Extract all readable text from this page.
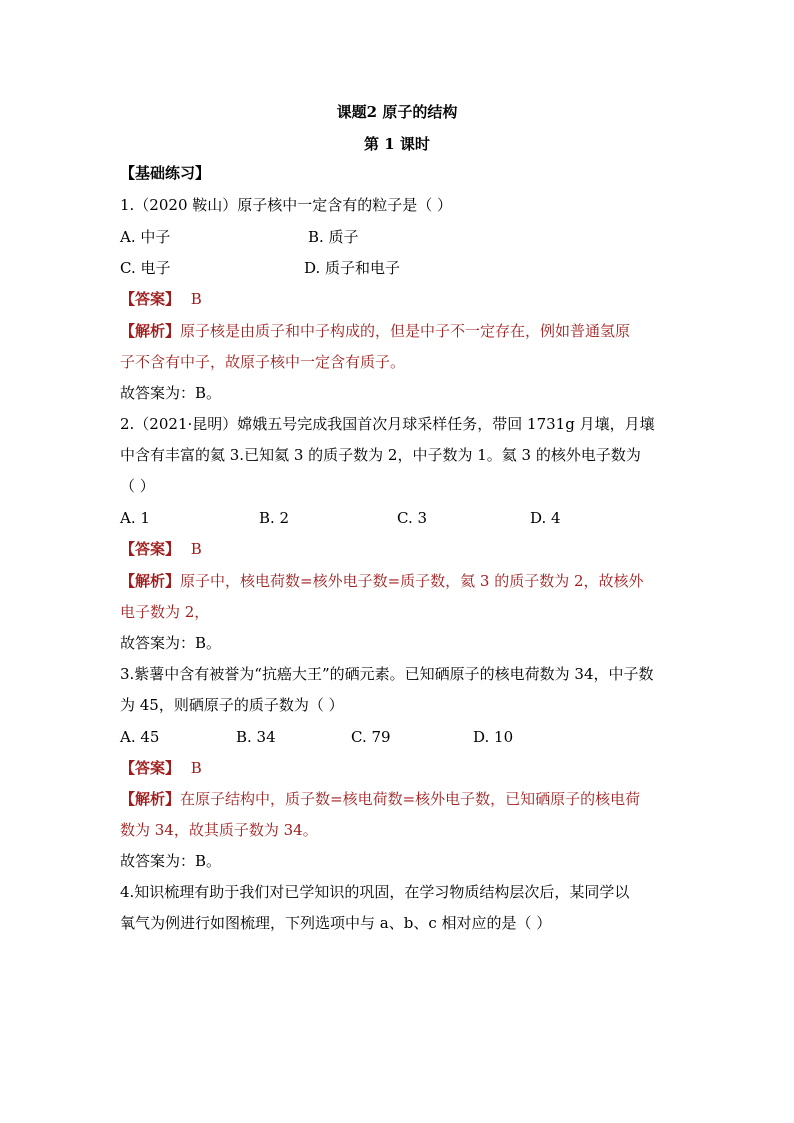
课题2 原子的结构
第 1 课时
【基础练习】
1.（2020 鞍山）原子核中一定含有的粒子是（ ）
A. 中子	B. 质子
C. 电子	D. 质子和电子
【答案】 B
【解析】原子核是由质子和中子构成的，但是中子不一定存在，例如普通氢原
子不含有中子，故原子核中一定含有质子。
故答案为：B。
2.（2021·昆明）嫦娥五号完成我国首次月球采样任务，带回 1731g 月壤，月壤
中含有丰富的氦 3.已知氦 3 的质子数为 2，中子数为 1。氦 3 的核外电子数为
（ ）
A. 1	B. 2	C. 3	D. 4
【答案】 B
【解析】原子中，核电荷数=核外电子数=质子数，氦 3 的质子数为 2，故核外
电子数为 2，
故答案为：B。
3.紫薯中含有被誉为“抗癌大王”的硒元素。已知硒原子的核电荷数为 34，中子数
为 45，则硒原子的质子数为（ ）
A. 45	B. 34	C. 79	D. 10
【答案】 B
【解析】在原子结构中，质子数=核电荷数=核外电子数，已知硒原子的核电荷
数为 34，故其质子数为 34。
故答案为：B。
4.知识梳理有助于我们对已学知识的巩固，在学习物质结构层次后，某同学以
氧气为例进行如图梳理，下列选项中与 a、b、c 相对应的是（ ）
